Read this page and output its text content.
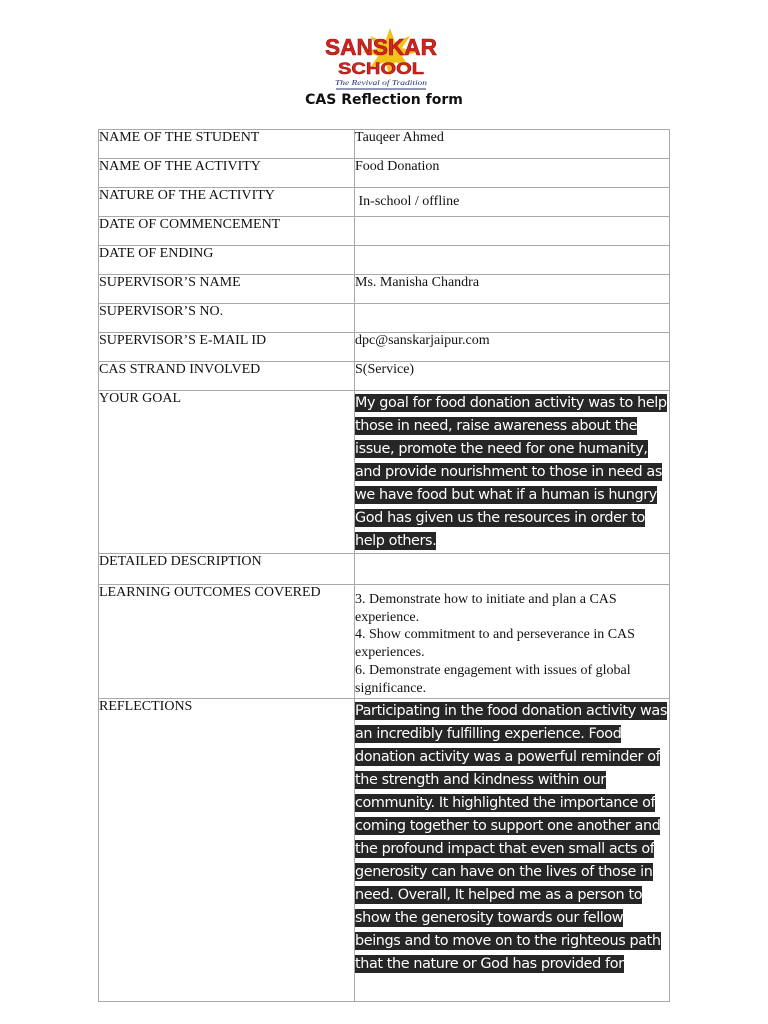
SANSKAR
SCHOOL
The Revival of Tradition
CAS Reflection form
NAME OF THE STUDENT	Tauqeer Ahmed
NAME OF THE ACTIVITY	Food Donation
NATURE OF THE ACTIVITY	In-school / offline
DATE OF COMMENCEMENT	
DATE OF ENDING	
SUPERVISOR’S NAME	Ms. Manisha Chandra
SUPERVISOR’S NO.	
SUPERVISOR’S E-MAIL ID	dpc@sanskarjaipur.com
CAS STRAND INVOLVED	S(Service)
YOUR GOAL	My goal for food donation activity was to help those in need, raise awareness about the issue, promote the need for one humanity, and provide nourishment to those in need as we have food but what if a human is hungry God has given us the resources in order to help others.

DETAILED DESCRIPTION	
LEARNING OUTCOMES COVERED	3. Demonstrate how to initiate and plan a CAS experience.
4. Show commitment to and perseverance in CAS experiences.
6. Demonstrate engagement with issues of global significance.

REFLECTIONS	Participating in the food donation activity was an incredibly fulfilling experience. Food donation activity was a powerful reminder of the strength and kindness within our community. It highlighted the importance of coming together to support one another and the profound impact that even small acts of generosity can have on the lives of those in need. Overall, It helped me as a person to show the generosity towards our fellow beings and to move on to the righteous path that the nature or God has provided for
